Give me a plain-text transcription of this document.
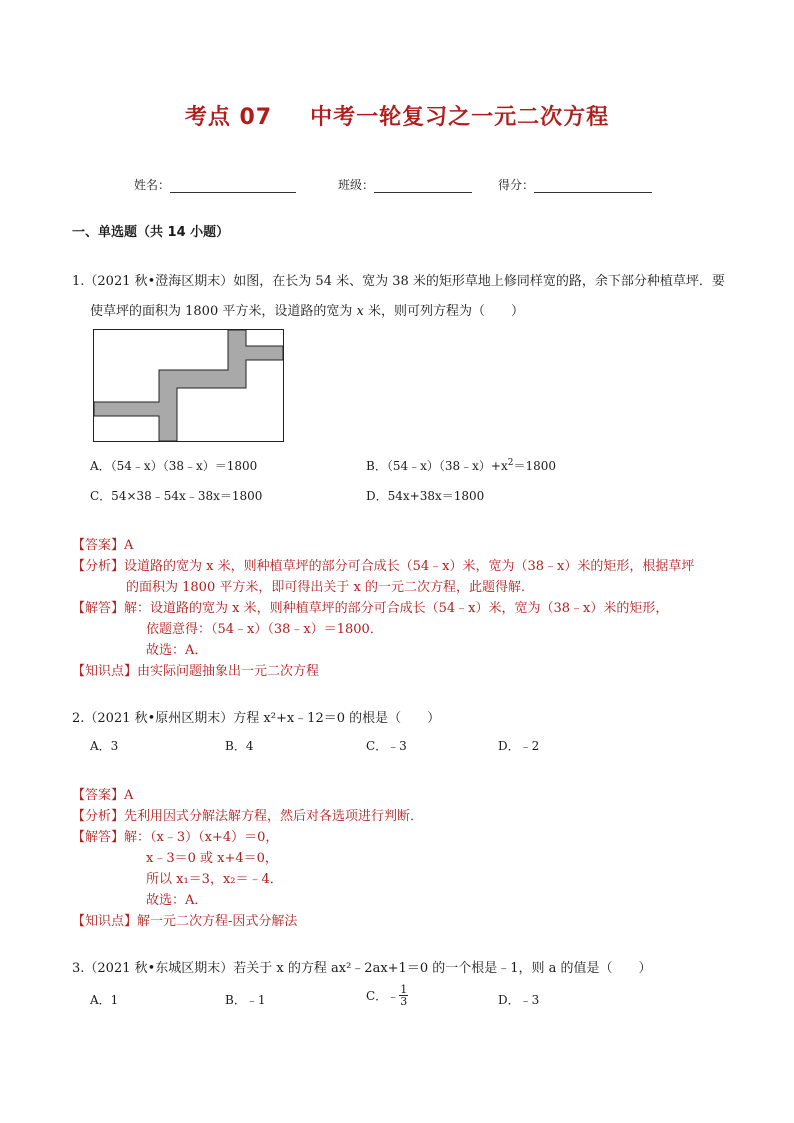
考点 07 中考一轮复习之一元二次方程
姓名：	班级：	得分：
一、单选题（共 14 小题）
1.（2021 秋•澄海区期末）如图，在长为 54 米、宽为 38 米的矩形草地上修同样宽的路，余下部分种植草坪．要
使草坪的面积为 1800 平方米，设道路的宽为 x 米，则可列方程为（　　）
A．（54﹣x）（38﹣x）＝1800	B．$(54﹣x)(38﹣x)+x^2=1800$
C．54×38﹣54x﹣38x＝1800	D．54x+38x＝1800
【答案】A
【分析】设道路的宽为 x 米，则种植草坪的部分可合成长（54﹣x）米，宽为（38﹣x）米的矩形，根据草坪
的面积为 1800 平方米，即可得出关于 x 的一元二次方程，此题得解．
【解答】解：设道路的宽为 x 米，则种植草坪的部分可合成长（54﹣x）米，宽为（38﹣x）米的矩形，
依题意得：（54﹣x）（38﹣x）＝1800．
故选：A．
【知识点】由实际问题抽象出一元二次方程
2.（2021 秋•原州区期末）方程 x²+x﹣12＝0 的根是（　　）
A．3	B．4	C．﹣3	D．﹣2
【答案】A
【分析】先利用因式分解法解方程，然后对各选项进行判断．
【解答】解：（x﹣3）（x+4）＝0，
x﹣3＝0 或 x+4＝0，
所以 x₁＝3，x₂＝﹣4．
故选：A．
【知识点】解一元二次方程-因式分解法
3.（2021 秋•东城区期末）若关于 x 的方程 ax²﹣2ax+1＝0 的一个根是﹣1，则 a 的值是（　　）
A．1	B．﹣1	C．﹣ $\frac{1}{3}$	D．﹣3
